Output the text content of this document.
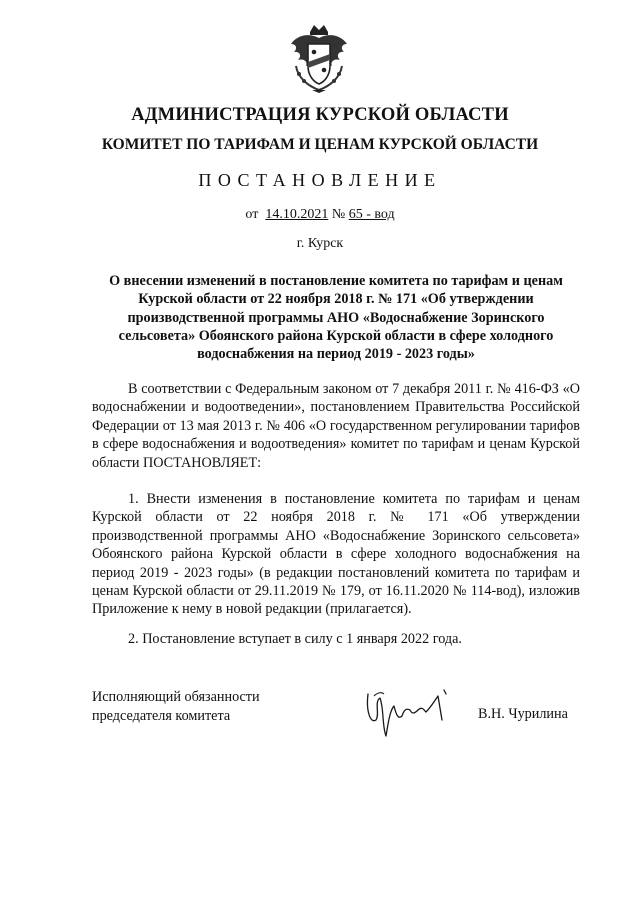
АДМИНИСТРАЦИЯ КУРСКОЙ ОБЛАСТИ
КОМИТЕТ ПО ТАРИФАМ И ЦЕНАМ КУРСКОЙ ОБЛАСТИ
ПОСТАНОВЛЕНИЕ
от 14.10.2021 № 65 - вод
г. Курск
О внесении изменений в постановление комитета по тарифам и ценам Курской области от 22 ноября 2018 г. № 171 «Об утверждении производственной программы АНО «Водоснабжение Зоринского сельсовета» Обоянского района Курской области в сфере холодного водоснабжения на период 2019 - 2023 годы»
В соответствии с Федеральным законом от 7 декабря 2011 г. № 416-ФЗ «О водоснабжении и водоотведении», постановлением Правительства Российской Федерации от 13 мая 2013 г. № 406 «О государственном регулировании тарифов в сфере водоснабжения и водоотведения» комитет по тарифам и ценам Курской области ПОСТАНОВЛЯЕТ:
1. Внести изменения в постановление комитета по тарифам и ценам Курской области от 22 ноября 2018 г. № 171 «Об утверждении производственной программы АНО «Водоснабжение Зоринского сельсовета» Обоянского района Курской области в сфере холодного водоснабжения на период 2019 - 2023 годы» (в редакции постановлений комитета по тарифам и ценам Курской области от 29.11.2019 № 179, от 16.11.2020 № 114-вод), изложив Приложение к нему в новой редакции (прилагается).
2. Постановление вступает в силу с 1 января 2022 года.
Исполняющий обязанности
председателя комитета	В.Н. Чурилина
